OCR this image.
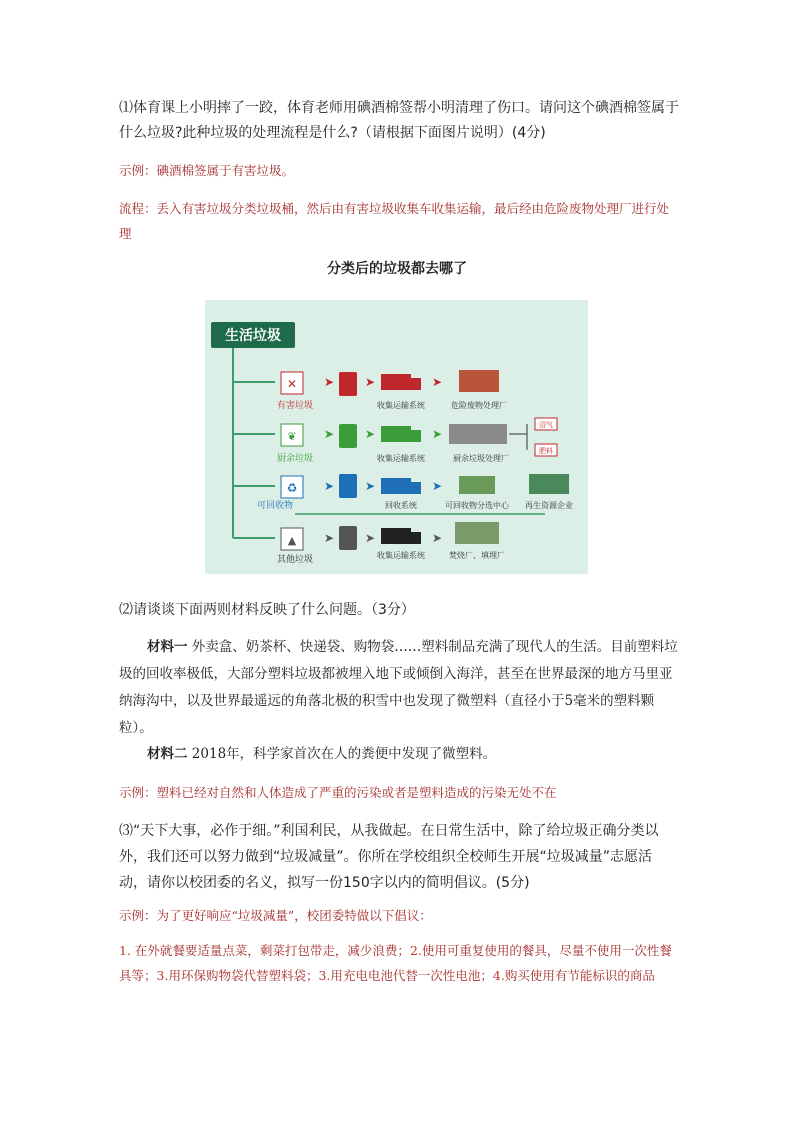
⑴体育课上小明摔了一跤，体育老师用碘酒棉签帮小明清理了伤口。请问这个碘酒棉签属于什么垃圾?此种垃圾的处理流程是什么?（请根据下面图片说明）(4分)
示例：碘酒棉签属于有害垃圾。
流程：丢入有害垃圾分类垃圾桶，然后由有害垃圾收集车收集运输，最后经由危险废物处理厂进行处理
分类后的垃圾都去哪了
生活垃圾
✕
有害垃圾
➤	➤
收集运输系统
➤
危险废物处理厂
❦
厨余垃圾
➤	➤
收集运输系统
➤
厨余垃圾处理厂
沼气
肥料
♻
可回收物
➤	➤
回收系统
➤
可回收物分选中心 再生资源企业
▲
其他垃圾
➤	➤
收集运输系统
➤
焚烧厂、填埋厂
⑵请谈谈下面两则材料反映了什么问题。（3分）
材料一 外卖盒、奶茶杯、快递袋、购物袋……塑料制品充满了现代人的生活。目前塑料垃圾的回收率极低，大部分塑料垃圾都被埋入地下或倾倒入海洋，甚至在世界最深的地方马里亚纳海沟中，以及世界最遥远的角落北极的积雪中也发现了微塑料（直径小于5毫米的塑料颗粒）。
材料二 2018年，科学家首次在人的粪便中发现了微塑料。
示例：塑料已经对自然和人体造成了严重的污染或者是塑料造成的污染无处不在
⑶“天下大事，必作于细。”利国利民，从我做起。在日常生活中，除了给垃圾正确分类以外，我们还可以努力做到“垃圾减量”。你所在学校组织全校师生开展“垃圾减量”志愿活动，请你以校团委的名义，拟写一份150字以内的简明倡议。(5分)
示例：为了更好响应“垃圾减量”，校团委特做以下倡议：
1. 在外就餐要适量点菜，剩菜打包带走，减少浪费；2.使用可重复使用的餐具，尽量不使用一次性餐具等；3.用环保购物袋代替塑料袋；3.用充电电池代替一次性电池；4.购买使用有节能标识的商品
